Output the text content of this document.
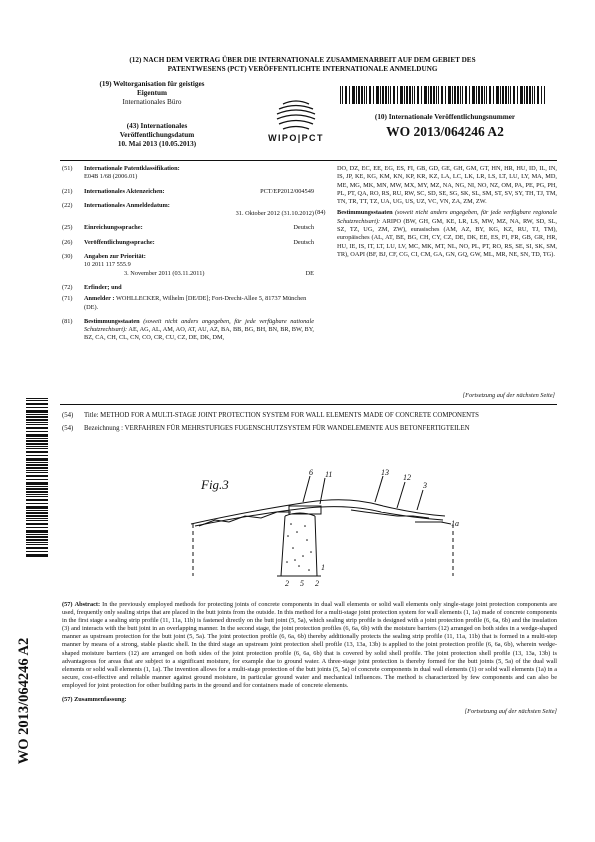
(12) NACH DEM VERTRAG ÜBER DIE INTERNATIONALE ZUSAMMENARBEIT AUF DEM GEBIET DES
PATENTWESENS (PCT) VERÖFFENTLICHTE INTERNATIONALE ANMELDUNG
(19) Weltorganisation für geistiges
Eigentum
Internationales Büro
WIPO|PCT
(10) Internationale Veröffentlichungsnummer
WO 2013/064246 A2
(43) Internationales
Veröffentlichungsdatum
10. Mai 2013 (10.05.2013)
(51) Internationale Patentklassifikation:
E04B 1/68 (2006.01)
(21) Internationales Aktenzeichen:	PCT/EP2012/004549
(22) Internationales Anmeldedatum:
31. Oktober 2012 (31.10.2012)
(25) Einreichungssprache:	Deutsch
(26) Veröffentlichungssprache:	Deutsch
(30) Angaben zur Priorität:
10 2011 117 555.9
3. November 2011 (03.11.2011)	DE
(72) Erfinder; und
(71) Anmelder : WOHLLECKER, Wilhelm [DE/DE]; Fort-Drecht-Allee 5, 81737 München (DE).
(81) Bestimmungsstaaten (soweit nicht anders angegeben, für jede verfügbare nationale Schutzrechtsart): AE, AG, AL, AM, AO, AT, AU, AZ, BA, BB, BG, BH, BN, BR, BW, BY, BZ, CA, CH, CL, CN, CO, CR, CU, CZ, DE, DK, DM,
DO, DZ, EC, EE, EG, ES, FI, GB, GD, GE, GH, GM, GT, HN, HR, HU, ID, IL, IN, IS, JP, KE, KG, KM, KN, KP, KR, KZ, LA, LC, LK, LR, LS, LT, LU, LY, MA, MD, ME, MG, MK, MN, MW, MX, MY, MZ, NA, NG, NI, NO, NZ, OM, PA, PE, PG, PH, PL, PT, QA, RO, RS, RU, RW, SC, SD, SE, SG, SK, SL, SM, ST, SV, SY, TH, TJ, TM, TN, TR, TT, TZ, UA, UG, US, UZ, VC, VN, ZA, ZM, ZW.
(84) Bestimmungsstaaten (soweit nicht anders angegeben, für jede verfügbare regionale Schutzrechtsart): ARIPO (BW, GH, GM, KE, LR, LS, MW, MZ, NA, RW, SD, SL, SZ, TZ, UG, ZM, ZW), eurasisches (AM, AZ, BY, KG, KZ, RU, TJ, TM), europäisches (AL, AT, BE, BG, CH, CY, CZ, DE, DK, EE, ES, FI, FR, GB, GR, HR, HU, IE, IS, IT, LT, LU, LV, MC, MK, MT, NL, NO, PL, PT, RO, RS, SE, SI, SK, SM, TR), OAPI (BF, BJ, CF, CG, CI, CM, GA, GN, GQ, GW, ML, MR, NE, SN, TD, TG).
[Fortsetzung auf der nächsten Seite]
(54) Title: METHOD FOR A MULTI-STAGE JOINT PROTECTION SYSTEM FOR WALL ELEMENTS MADE OF CONCRETE COMPONENTS
(54) Bezeichnung : VERFAHREN FÜR MEHRSTUFIGES FUGENSCHUTZSYSTEM FÜR WANDELEMENTE AUS BETONFERTIGTEILEN
Fig.3
6 11	13
12
3
1a
2 5 2
1
(57) Abstract: In the previously employed methods for protecting joints of concrete components in dual wall elements or solid wall elements only single-stage joint protection components are used, frequently only sealing strips that are placed in the butt joints from the outside. In this method for a multi-stage joint protection system for wall elements (1, 1a) made of concrete components in the first stage a sealing strip profile (11, 11a, 11b) is fastened directly on the butt joint (5, 5a), which sealing strip profile is designed with a joint protection profile (6, 6a, 6b) and the insulation (3) and interacts with the butt joint in an overlapping manner. In the second stage, the joint protection profiles (6, 6a, 6b) with the moisture barriers (12) arranged on both sides in a wedge-shaped manner as upstream protection for the butt joint (5, 5a). The joint protection profile (6, 6a, 6b) thereby additionally protects the sealing strip profile (11, 11a, 11b) that is formed in a multi-step manner by means of a strong, stable plastic shell. In the third stage an upstream joint protection shell profile (13, 13a, 13b) is applied to the joint protection profile (6, 6a, 6b), wherein wedge-shaped moisture barriers (12) are arranged on both sides of the joint protection profile (6, 6a, 6b) that is covered by solid shell profile. The joint protection shell profile (13, 13a, 13b) is advantageous for areas that are subject to a significant moisture, for example due to ground water. A three-stage joint protection is thereby formed for the butt joints (5, 5a) of the dual wall elements or solid wall elements (1, 1a). The invention allows for a multi-stage protection of the butt joints (5, 5a) of concrete components in dual wall elements (1) or solid wall elements (1a) in a secure, cost-effective and reliable manner against ground moisture, in particular ground water and mechanical influences. The method is characterized by few components and can also be employed for joint protection for other building parts in the ground and for containers made of concrete elements.
(57) Zusammenfassung:
[Fortsetzung auf der nächsten Seite]
WO 2013/064246 A2
